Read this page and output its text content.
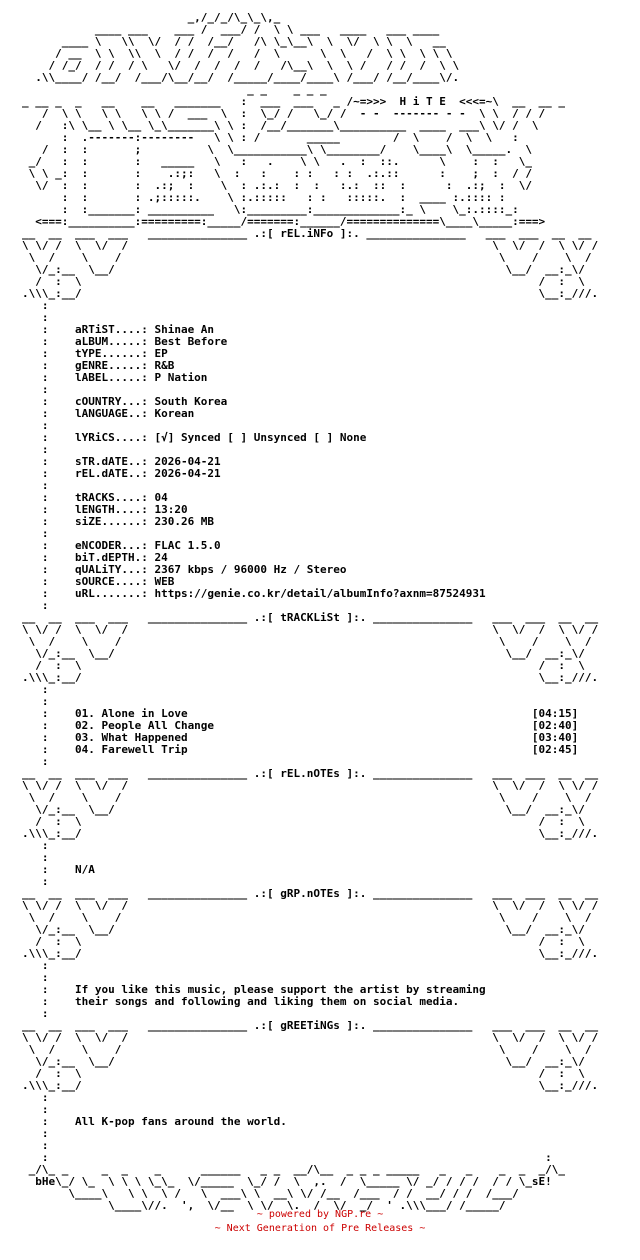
_,/_/_/\_\_\,_
____ ___    ___ /  ___/ /  \ \ ___   ____   ___ ____
____ \   \\  \/  / /  /__/   /\ \_\__\  \  \/  \ \  \   __
/ __  \ \  \\  \  / /  /  /   /  \      \  \   /  \ \  \ \ \
/ /_/  / /  / \   \/  /  /  /  /   /\__\  \  \ /   / /  /  \ \
.\\____/ /__/  /___/\__/__/  /_____/____/____\ /___/ /__/____\/.
_ _    _ _ _
_ __ _  _   __    __   _______   :  ___  ___   _ /~=>>>  H i T E  <<<=~\  __  __ _
/  \ \   \ \   \ \ /  ___  \  :  \_/ /   \_/ /  - -  ------- - -  \ \  / / /
/   :\ \__ \ \__ \_\_______\ \ :  /__/_______\__________  ____  ___\ \/ /  \
:  .-------:--------   \ \ : /       _____        /  \    /  \  \   :
/  :  :       ;          \  \___________\ \________/    \____\  \_____.  \
_/   :  :       :   _____   \   :   .    \ \   .  :  ::.      \    :  :   \_
\ \ _:  :       :    .:;:   \  :   :    : :   : :  .:.::      :    ;  :  / /
\/  :  :       :  .:;  :    \  : .:.:  :  :   :.:  ::  :      :  .:;  :  \/
:  :       : .;:::::.    \ :.:::::   : :   :::::.  :  ____ :.:::: :
:  :_______: __________   \:_________:_____________:_ \    \_:.::::_:
<===:__________:=========:_____/=======:______/==============\____\_____:===>
__  __  ___  ___   _______________ .:[ rEL.iNFo ]:. _______________   ___  ___  __  __
\ \/ /  \  \/  /                                                       \  \/  /  \ \/ /
\  /    \    /                                                         \    /    \  /
\/_:__  \__/                                                           \__/  __:_\/
/  :  \                                                                     /  :  \
.\\\_:__/                                                                     \__:_///.
:
:
:    aRTiST....: Shinae An
:    aLBUM.....: Best Before
:    tYPE......: EP
:    gENRE.....: R&B
:    lABEL.....: P Nation
:
:    cOUNTRY...: South Korea
:    lANGUAGE..: Korean
:
:    lYRiCS....: [√] Synced [ ] Unsynced [ ] None
:
:    sTR.dATE..: 2026-04-21
:    rEL.dATE..: 2026-04-21
:
:    tRACKS....: 04
:    lENGTH....: 13:20
:    siZE......: 230.26 MB
:
:    eNCODER...: FLAC 1.5.0
:    biT.dEPTH.: 24
:    qUALiTY...: 2367 kbps / 96000 Hz / Stereo
:    sOURCE....: WEB
:    uRL.......: https://genie.co.kr/detail/albumInfo?axnm=87524931
:
__  __  ___  ___   _______________ .:[ tRACKLiSt ]:. _______________   ___  ___  __  __
\ \/ /  \  \/  /                                                       \  \/  /  \ \/ /
\  /    \    /                                                         \    /    \  /
\/_:__  \__/                                                           \__/  __:_\/
/  :  \                                                                     /  :  \
.\\\_:__/                                                                     \__:_///.
:
:
:    01. Alone in Love                                                    [04:15]
:    02. People All Change                                                [02:40]
:    03. What Happened                                                    [03:40]
:    04. Farewell Trip                                                    [02:45]
:
__  __  ___  ___   _______________ .:[ rEL.nOTEs ]:. _______________   ___  ___  __  __
\ \/ /  \  \/  /                                                       \  \/  /  \ \/ /
\  /    \    /                                                         \    /    \  /
\/_:__  \__/                                                           \__/  __:_\/
/  :  \                                                                     /  :  \
.\\\_:__/                                                                     \__:_///.
:
:
:    N/A
:
__  __  ___  ___   _______________ .:[ gRP.nOTEs ]:. _______________   ___  ___  __  __
\ \/ /  \  \/  /                                                       \  \/  /  \ \/ /
\  /    \    /                                                         \    /    \  /
\/_:__  \__/                                                           \__/  __:_\/
/  :  \                                                                     /  :  \
.\\\_:__/                                                                     \__:_///.
:
:
:    If you like this music, please support the artist by streaming
:    their songs and following and liking them on social media.
:
__  __  ___  ___   _______________ .:[ gREETiNGs ]:. _______________   ___  ___  __  __
\ \/ /  \  \/  /                                                       \  \/  /  \ \/ /
\  /    \    /                                                         \    /    \  /
\/_:__  \__/                                                           \__/  __:_\/
/  :  \                                                                     /  :  \
.\\\_:__/                                                                     \__:_///.
:
:
:    All K-pop fans around the world.
:
:
:                                                                           :
_/\_ _     _  _    _      ______   _ _  __/\__  _ _ _ _____   _   _    _  _  _/\_
bHe\_/ \_  \ \ \ \_\_  \/_____  \_/ /  \  ,.  /  \_____ \/ _/ / / /  / / \_sE!
\____\   \ \  \ /   \  ___\ \  __\ \/ /__  /___  / /  __/ / /  /___/
\____\//.  ',  \/__  \ \/  \.  /  \/  _/  ' .\\\___/ /_____/

~ powered by NGP.re ~
~ Next Generation of Pre Releases ~
